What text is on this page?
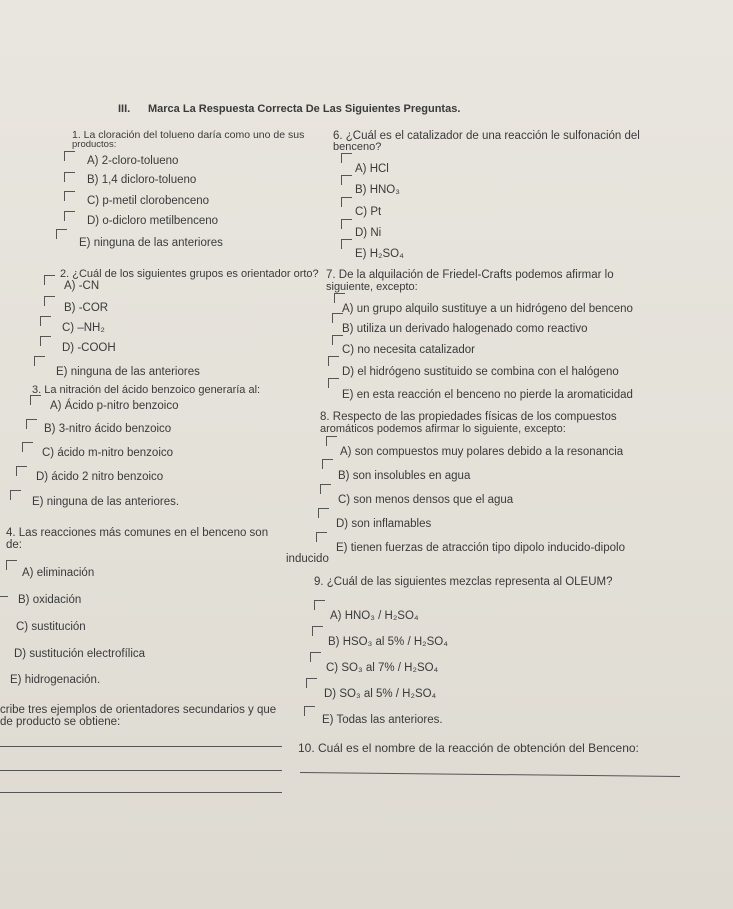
III. Marca La Respuesta Correcta De Las Siguientes Preguntas.
1. La cloración del tolueno daría como uno de sus
productos:
A) 2-cloro-tolueno
B) 1,4 dicloro-tolueno
C) p-metil clorobenceno
D) o-dicloro metilbenceno
E) ninguna de las anteriores
2. ¿Cuál de los siguientes grupos es orientador orto?
A) -CN
B) -COR
C) –NH₂
D) -COOH
E) ninguna de las anteriores
3. La nitración del ácido benzoico generaría al:
A) Ácido p-nitro benzoico
B) 3-nitro ácido benzoico
C) ácido m-nitro benzoico
D) ácido 2 nitro benzoico
E) ninguna de las anteriores.
4. Las reacciones más comunes en el benceno son
de:
A) eliminación
B) oxidación
C) sustitución
D) sustitución electrofílica
E) hidrogenación.
cribe tres ejemplos de orientadores secundarios y que
de producto se obtiene:
6. ¿Cuál es el catalizador de una reacción le sulfonación del
benceno?
A) HCl
B) HNO₃
C) Pt
D) Ni
E) H₂SO₄
7. De la alquilación de Friedel-Crafts podemos afirmar lo
siguiente, excepto:
A) un grupo alquilo sustituye a un hidrógeno del benceno
B) utiliza un derivado halogenado como reactivo
C) no necesita catalizador
D) el hidrógeno sustituido se combina con el halógeno
E) en esta reacción el benceno no pierde la aromaticidad
8. Respecto de las propiedades físicas de los compuestos
aromáticos podemos afirmar lo siguiente, excepto:
A) son compuestos muy polares debido a la resonancia
B) son insolubles en agua
C) son menos densos que el agua
D) son inflamables
E) tienen fuerzas de atracción tipo dipolo inducido-dipolo
inducido
9. ¿Cuál de las siguientes mezclas representa al OLEUM?
A) HNO₃ / H₂SO₄
B) HSO₃ al 5% / H₂SO₄
C) SO₃ al 7% / H₂SO₄
D) SO₃ al 5% / H₂SO₄
E) Todas las anteriores.
10. Cuál es el nombre de la reacción de obtención del Benceno:
